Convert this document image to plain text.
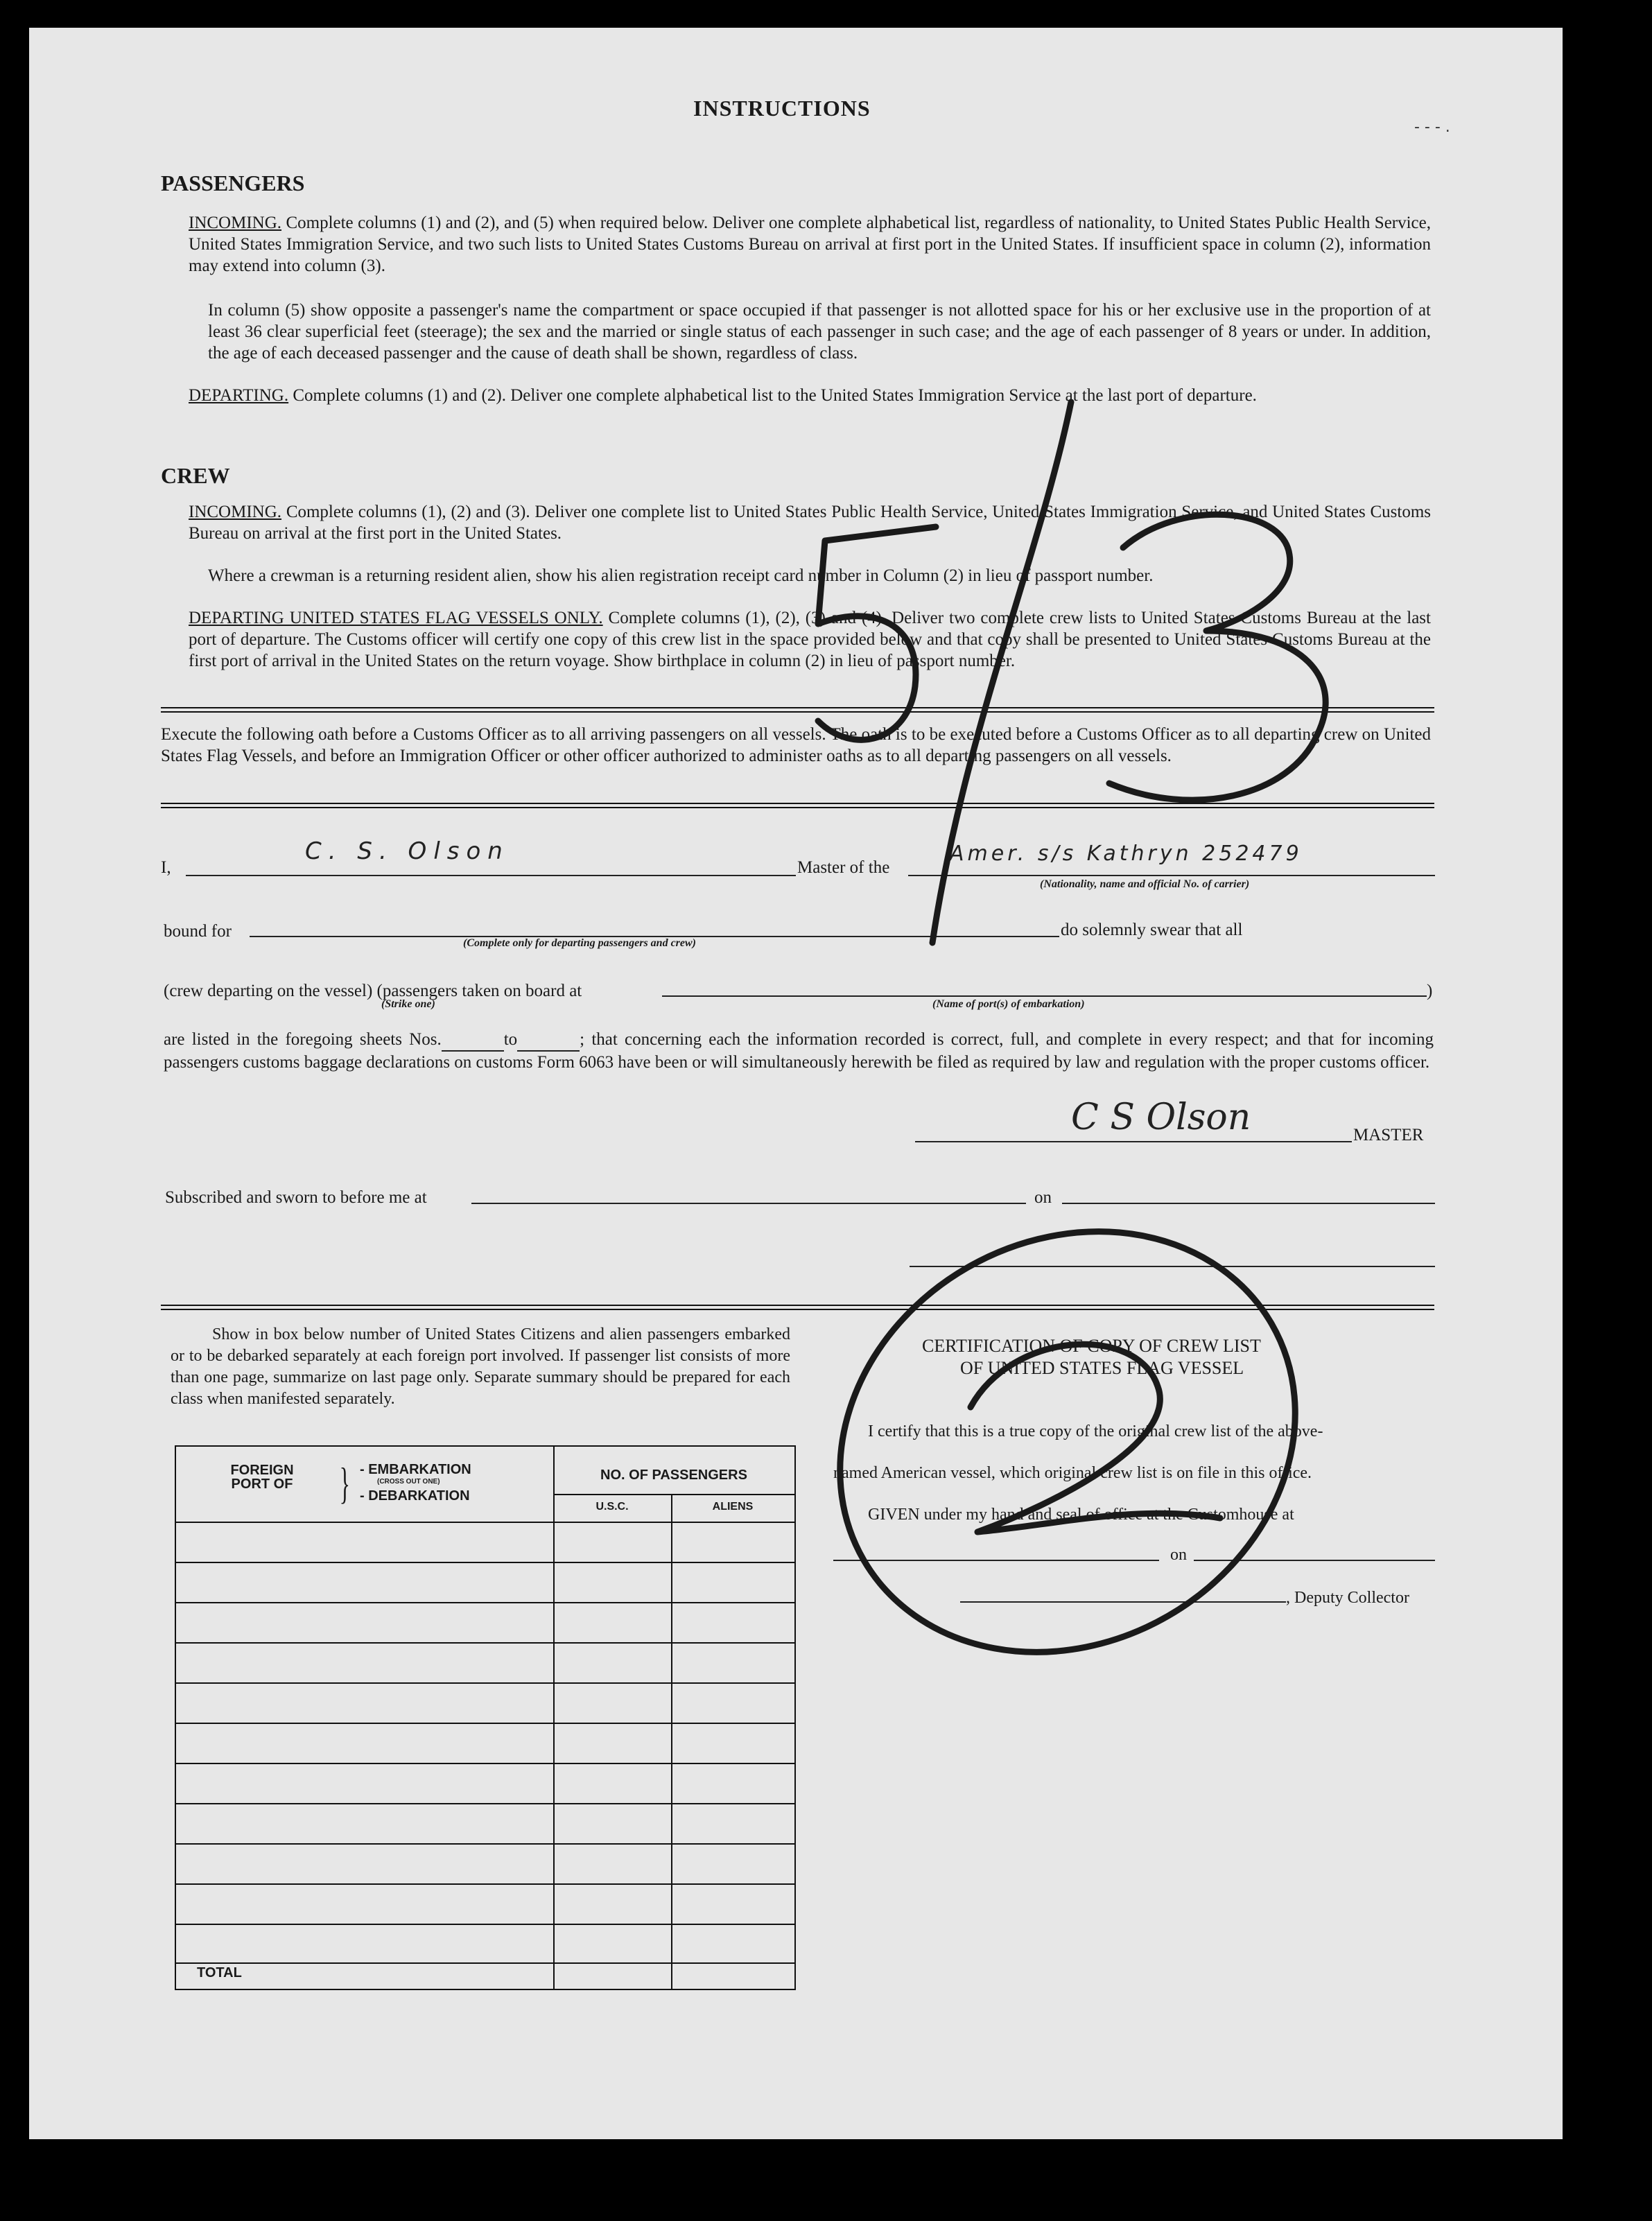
INSTRUCTIONS
PASSENGERS
INCOMING. Complete columns (1) and (2), and (5) when required below. Deliver one complete alphabetical list, regardless of nationality, to United States Public Health Service, United States Immigration Service, and two such lists to United States Customs Bureau on arrival at first port in the United States. If insufficient space in column (2), information may extend into column (3).
In column (5) show opposite a passenger's name the compartment or space occupied if that passenger is not allotted space for his or her exclusive use in the proportion of at least 36 clear superficial feet (steerage); the sex and the married or single status of each passenger in such case; and the age of each passenger of 8 years or under. In addition, the age of each deceased passenger and the cause of death shall be shown, regardless of class.
DEPARTING. Complete columns (1) and (2). Deliver one complete alphabetical list to the United States Immigration Service at the last port of departure.
CREW
INCOMING. Complete columns (1), (2) and (3). Deliver one complete list to United States Public Health Service, United States Immigration Service, and United States Customs Bureau on arrival at the first port in the United States.
Where a crewman is a returning resident alien, show his alien registration receipt card number in Column (2) in lieu of passport number.
DEPARTING UNITED STATES FLAG VESSELS ONLY. Complete columns (1), (2), (3) and (4). Deliver two complete crew lists to United States Customs Bureau at the last port of departure. The Customs officer will certify one copy of this crew list in the space provided below and that copy shall be presented to United States Customs Bureau at the first port of arrival in the United States on the return voyage. Show birthplace in column (2) in lieu of passport number.
Execute the following oath before a Customs Officer as to all arriving passengers on all vessels. The oath is to be executed before a Customs Officer as to all departing crew on United States Flag Vessels, and before an Immigration Officer or other officer authorized to administer oaths as to all departing passengers on all vessels.
I,
C. S. Olson
Master of the
Amer. s/s Kathryn 252479
(Nationality, name and official No. of carrier)
bound for
(Complete only for departing passengers and crew)
do solemnly swear that all
(crew departing on the vessel) (passengers taken on board at	)
(Strike one)	(Name of port(s) of embarkation)
are listed in the foregoing sheets Nos.	to	; that concerning each the information recorded is correct, full, and complete in every respect; and that for incoming passengers customs baggage declarations on customs Form 6063 have been or will simultaneously herewith be filed as required by law and regulation with the proper customs officer.
C S Olson	MASTER
Subscribed and sworn to before me at	on
Show in box below number of United States Citizens and alien passengers embarked or to be debarked separately at each foreign port involved. If passenger list consists of more than one page, summarize on last page only. Separate summary should be prepared for each class when manifested separately.
FOREIGN PORT OF } - EMBARKATION
(CROSS OUT ONE)
- DEBARKATION
NO. OF PASSENGERS
U.S.C.	ALIENS
TOTAL
CERTIFICATION OF COPY OF CREW LIST
OF UNITED STATES FLAG VESSEL
I certify that this is a true copy of the original crew list of the above-
named American vessel, which original crew list is on file in this office.
GIVEN under my hand and seal of office at the Customhouse at
on
, Deputy Collector
- - - .
